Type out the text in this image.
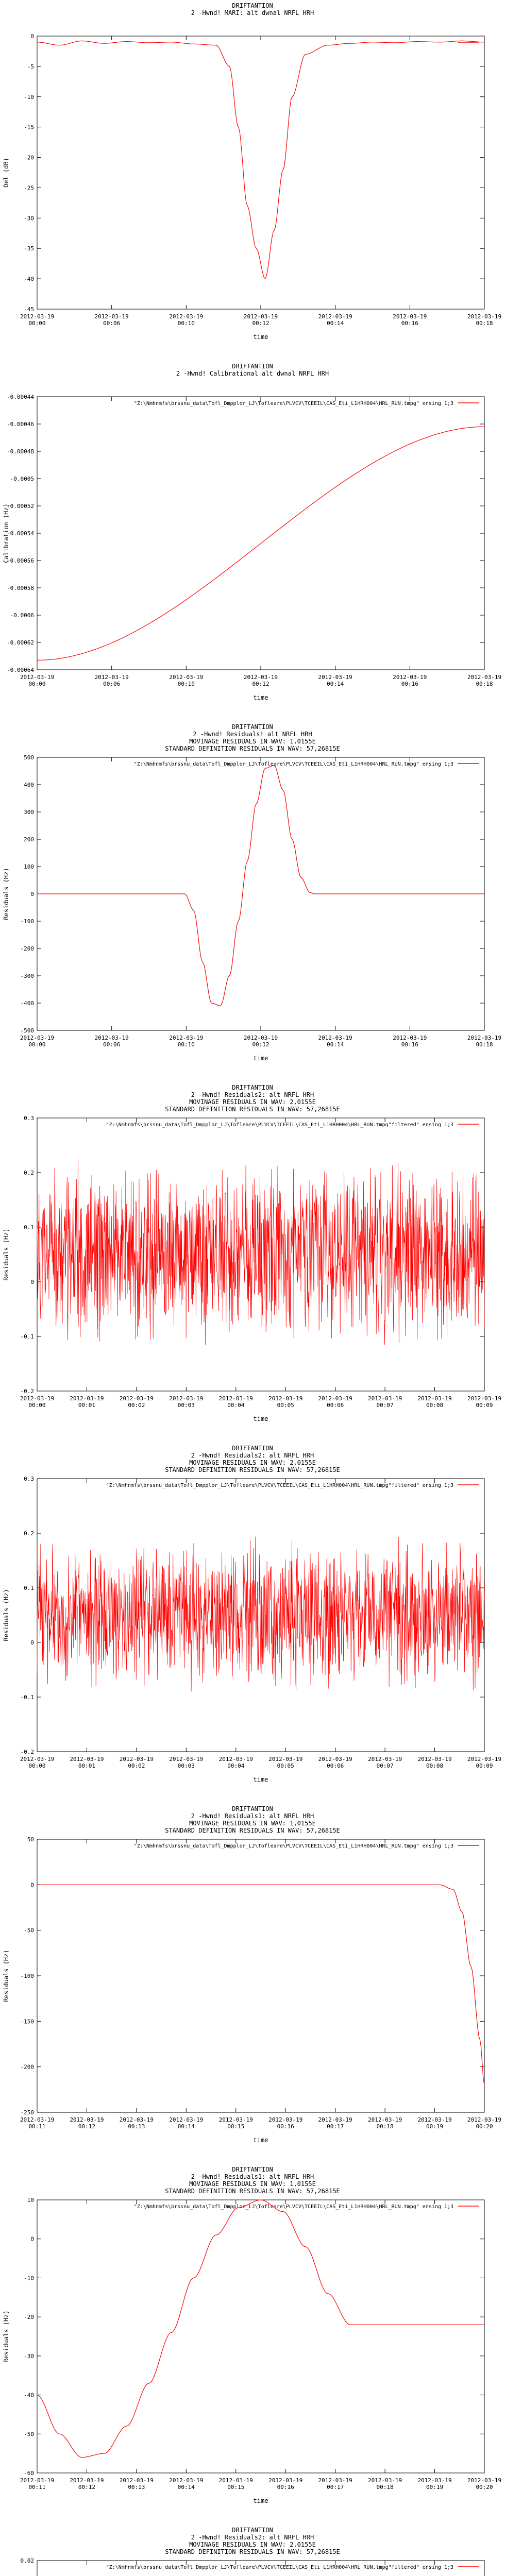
DRIFTANTION
2 -Hwnd! MARI: alt dwnal NRFL HRH
0
-5
-10
-15
-20
-25
-30
-35
-40
-45
2012-03-19 00:00
2012-03-19 00:06
2012-03-19 00:10
2012-03-19 00:12
2012-03-19 00:14
2012-03-19 00:16
2012-03-19 00:18
time
Del (dB)
DRIFTANTION
2 -Hwnd! Calibrational alt dwnal NRFL HRH
-0.00044
-0.00046
-0.00048
-0.0005
-0.00052
-0.00054
-0.00056
-0.00058
-0.0006
-0.00062
-0.00064
2012-03-19 00:00
2012-03-19 00:06
2012-03-19 00:10
2012-03-19 00:12
2012-03-19 00:14
2012-03-19 00:16
2012-03-19 00:18
time
Calibration (Hz)
"Z:\Nmhnmfs\brssnu_data\Tofl_Dmpplor_LJ\Tofleare\PLVCV\TCEEIL\CAS_Eti_L1HRH004\HRL_RUN.tmpg" ensing 1;3
DRIFTANTION
2 -Hwnd! Residuals! alt NRFL HRH
MOVINAGE RESIDUALS IN WAV: 1,0155E
STANDARD DEFINITION RESIDUALS IN WAV: 57,26815E
500
400
300
200
100
0
-100
-200
-300
-400
-500
2012-03-19 00:00
2012-03-19 00:06
2012-03-19 00:10
2012-03-19 00:12
2012-03-19 00:14
2012-03-19 00:16
2012-03-19 00:18
time
Residuals (Hz)
"Z:\Nmhnmfs\brssnu_data\Tofl_Dmpplor_LJ\Tofleare\PLVCV\TCEEIL\CAS_Eti_L1HRH004\HRL_RUN.tmpg" ensing 1;3
DRIFTANTION
2 -Hwnd! Residuals2: alt NRFL HRH
MOVINAGE RESIDUALS IN WAV: 2,0155E
STANDARD DEFINITION RESIDUALS IN WAV: 57,26815E
0.3
0.2
0.1
0
-0.1
-0.2
2012-03-19 00:00
2012-03-19 00:01
2012-03-19 00:02
2012-03-19 00:03
2012-03-19 00:04
2012-03-19 00:05
2012-03-19 00:06
2012-03-19 00:07
2012-03-19 00:08
2012-03-19 00:09
time
Residuals (Hz)
"Z:\Nmhnmfs\brssnu_data\Tofl_Dmpplor_LJ\Tofleare\PLVCV\TCEEIL\CAS_Eti_L1HRH004\HRL_RUN.tmpg"filtered" ensing 1;3
DRIFTANTION
2 -Hwnd! Residuals2: alt NRFL HRH
MOVINAGE RESIDUALS IN WAV: 2,0155E
STANDARD DEFINITION RESIDUALS IN WAV: 57,26815E
0.3
0.2
0.1
0
-0.1
-0.2
2012-03-19 00:00
2012-03-19 00:01
2012-03-19 00:02
2012-03-19 00:03
2012-03-19 00:04
2012-03-19 00:05
2012-03-19 00:06
2012-03-19 00:07
2012-03-19 00:08
2012-03-19 00:09
time
Residuals (Hz)
"Z:\Nmhnmfs\brssnu_data\Tofl_Dmpplor_LJ\Tofleare\PLVCV\TCEEIL\CAS_Eti_L1HRH004\HRL_RUN.tmpg"filtered" ensing 1;3
DRIFTANTION
2 -Hwnd! Residuals1: alt NRFL HRH
MOVINAGE RESIDUALS IN WAV: 1,0155E
STANDARD DEFINITION RESIDUALS IN WAV: 57,26815E
50
0
-50
-100
-150
-200
-250
2012-03-19 00:11
2012-03-19 00:12
2012-03-19 00:13
2012-03-19 00:14
2012-03-19 00:15
2012-03-19 00:16
2012-03-19 00:17
2012-03-19 00:18
2012-03-19 00:19
2012-03-19 00:20
time
Residuals (Hz)
"Z:\Nmhnmfs\brssnu_data\Tofl_Dmpplor_LJ\Tofleare\PLVCV\TCEEIL\CAS_Eti_L1HRH004\HRL_RUN.tmpg" ensing 1;3
DRIFTANTION
2 -Hwnd! Residuals1: alt NRFL HRH
MOVINAGE RESIDUALS IN WAV: 1,0155E
STANDARD DEFINITION RESIDUALS IN WAV: 57,26815E
10
0
-10
-20
-30
-40
-50
-60
2012-03-19 00:11
2012-03-19 00:12
2012-03-19 00:13
2012-03-19 00:14
2012-03-19 00:15
2012-03-19 00:16
2012-03-19 00:17
2012-03-19 00:18
2012-03-19 00:19
2012-03-19 00:20
time
Residuals (Hz)
"Z:\Nmhnmfs\brssnu_data\Tofl_Dmpplor_LJ\Tofleare\PLVCV\TCEEIL\CAS_Eti_L1HRH004\HRL_RUN.tmpg" ensing 1;3
DRIFTANTION
2 -Hwnd! Residuals2: alt NRFL HRH
MOVINAGE RESIDUALS IN WAV: 2,0155E
STANDARD DEFINITION RESIDUALS IN WAV: 57,26815E
0.02
"Z:\Nmhnmfs\brssnu_data\Tofl_Dmpplor_LJ\Tofleare\PLVCV\TCEEIL\CAS_Eti_L1HRH004\HRL_RUN.tmpg"filtered" ensing 1;3
